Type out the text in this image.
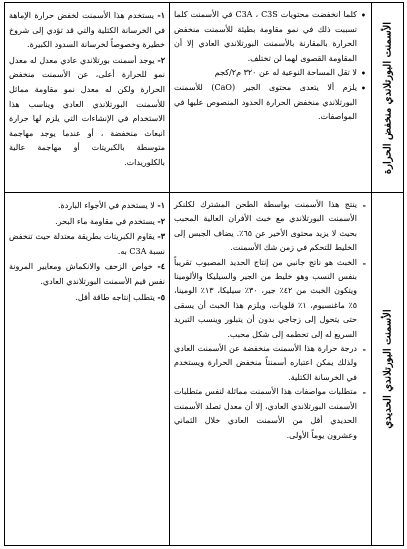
الأسمنت البورتلاندي منخفض الحرارة
•
كلما انخفضت محتويات C3A ، C3S في الأسمنت كلما تسببت ذلك في نمو مقاومة بطيئة للأسمنت منخفض الحرارة بالمقارنة بالأسمنت البورتلاندي العادي إلا أن المقاومة القصوى لهما لن تختلف.
•
لا تقل المساحة النوعية له عن ٣٢٠ م٢/كجم
•
يلزم ألا يتعدى محتوى الجير (CaO) للأسمنت البورتلاندي منخفض الحرارة الحدود المنصوص عليها في المواصفات.
١- يستخدم هذا الأسمنت لخفض حرارة الإماهة في الخرسانة الكتلية والتي قد تؤدي إلى شروخ خطيرة وخصوصاً لخرسانة السدود الكبيرة.
٢- يوجد أسمنت بورتلاندي عادي معدل له معدل نمو للحرارة أعلى، عن الأسمنت منخفض الحرارة ولكن له معدل نمو مقاومة مماثل للأسمنت البورتلاندي العادي ويناسب هذا الاستخدام في الإنشاءات التي يلزم لها حرارة انبعاث منخفضة ، أو عندما يوجد مهاجمة متوسطة بالكبريتات أو مهاجمة عالية بالكلوريدات.
الأسمنت البورتلاندي الحديدي
-
ينتج هذا الأسمنت بواسطة الطحن المشترك لكلنكر الأسمنت البورتلاندي مع خبث الأفران العالية المحبب بحيث لا يزيد محتوى الأخير عن ٦٥٪. يضاف الجبس إلى الخليط للتحكم في زمن شك الأسمنت.
-
الخبث هو ناتج جانبي من إنتاج الحديد المصبوب تقريباً بنفس النسب وهو خليط من الجير والسيليكا والألومينا ويتكون الخبث من ٤٢٪ جير، ٣٠٪ سيليكا، ١٣٪ الومينا، ٥٪ ماغنسيوم، ١٪ قلويات، ويلزم هذا الخبث أن يسقى حتى يتحول إلى زجاجي بدون أن يتبلور وينسب التبريد السريع له إلى تحطمه إلى شكل محبب.
-
درجة حرارة هذا الأسمنت منخفضة عن الأسمنت العادي ولذلك يمكن اعتباره أسمنتاً منخفض الحرارة ويستخدم في الخرسانة الكتلية.
-
متطلبات مواصفات هذا الأسمنت مماثلة لنفس متطلبات الأسمنت البورتلاندي العادي، إلا أن معدل تصلد الأسمنت الحديدي أقل من الأسمنت العادي خلال الثماني وعشرون يوماً الأولى.
١- لا يستخدم في الأجواء الباردة.
٢- يستخدم في مقاومة ماء البحر.
٣- يقاوم الكبريتات بطريقة معتدلة حيث تنخفض نسبة C3A به.
٤- خواص الزحف والانكماش ومعايير المرونة نفس قيم الأسمنت البورتلاندي العادي.
٥- يتطلب إنتاجه طاقة أقل.
